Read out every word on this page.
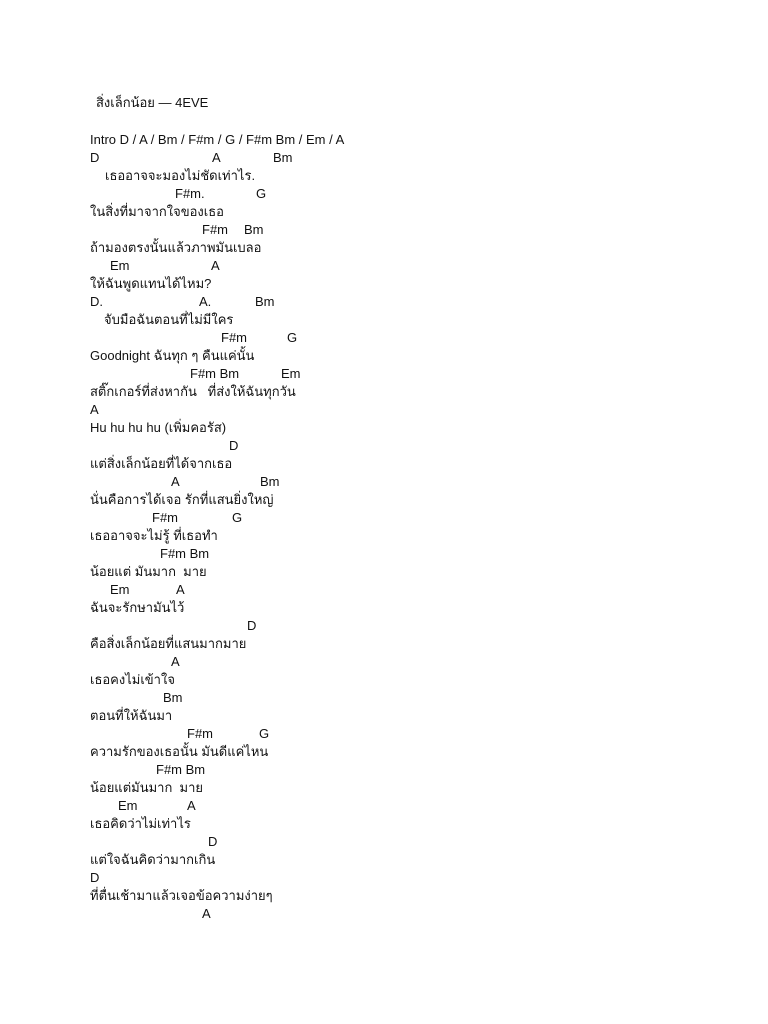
สิ่งเล็กน้อย — 4EVE
Intro D / A / Bm / F#m / G / F#m Bm / Em / A
D	A	Bm
เธออาจจะมองไม่ชัดเท่าไร.
F#m.	G
ในสิ่งที่มาจากใจของเธอ
F#m Bm
ถ้ามองตรงนั้นแล้วภาพมันเบลอ
Em	A
ให้ฉันพูดแทนได้ไหม?
D.	A.	Bm
จับมือฉันตอนที่ไม่มีใคร
F#m	G
Goodnight ฉันทุก ๆ คืนแค่นั้น
F#m Bm	Em
สติ๊กเกอร์ที่ส่งหากัน   ที่ส่งให้ฉันทุกวัน
A
Hu hu hu hu (เพิ่มคอรัส)
D
แต่สิ่งเล็กน้อยที่ได้จากเธอ
A	Bm
นั่นคือการได้เจอ รักที่แสนยิ่งใหญ่
F#m	G
เธออาจจะไม่รู้ ที่เธอทำ
F#m Bm
น้อยแต่ มันมาก  มาย
Em	A
ฉันจะรักษามันไว้
D
คือสิ่งเล็กน้อยที่แสนมากมาย
A
เธอคงไม่เข้าใจ
Bm
ตอนที่ให้ฉันมา
F#m	G
ความรักของเธอนั้น มันดีแค่ไหน
F#m Bm
น้อยแต่มันมาก  มาย
Em	A
เธอคิดว่าไม่เท่าไร
D
แต่ใจฉันคิดว่ามากเกิน
D
ที่ตื่นเช้ามาแล้วเจอข้อความง่ายๆ
A
